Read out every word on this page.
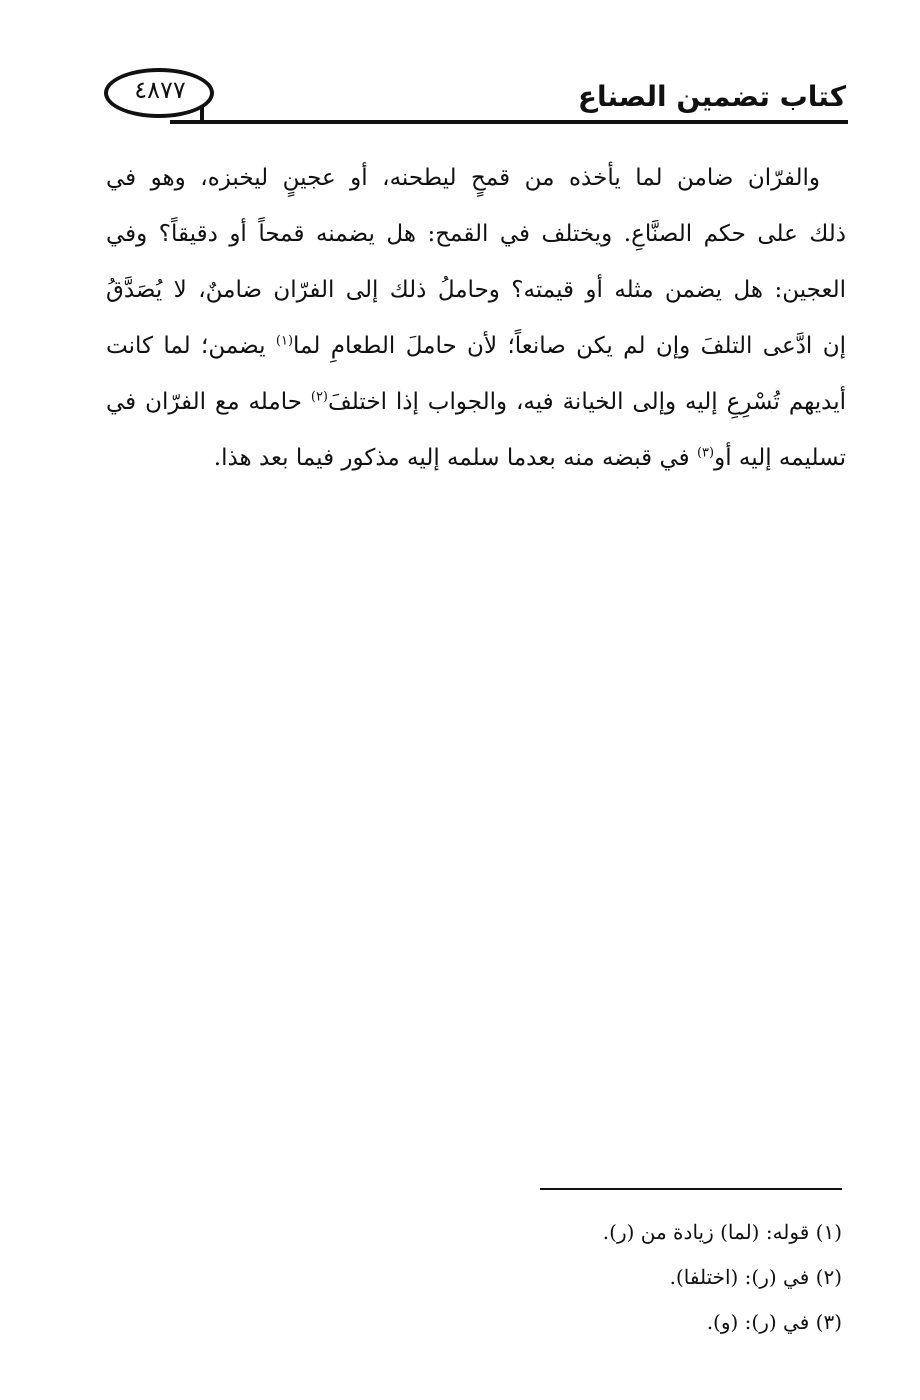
٤٨٧٧	كتاب تضمين الصناع
والفرّان ضامن لما يأخذه من قمحٍ ليطحنه، أو عجينٍ ليخبزه، وهو في
ذلك على حكم الصنَّاعِ. ويختلف في القمح: هل يضمنه قمحاً أو دقيقاً؟ وفي
العجين: هل يضمن مثله أو قيمته؟ وحاملُ ذلك إلى الفرّان ضامنٌ، لا يُصَدَّقُ
إن ادَّعى التلفَ وإن لم يكن صانعاً؛ لأن حاملَ الطعامِ لما$^{(١)}$ يضمن؛ لما كانت
أيديهم تُسْرِعِ إليه وإلى الخيانة فيه، والجواب إذا اختلفَ$^{(٢)}$ حامله مع الفرّان في
تسليمه إليه أو$^{(٣)}$ في قبضه منه بعدما سلمه إليه مذكور فيما بعد هذا.
(١) قوله: (لما) زيادة من (ر).
(٢) في (ر): (اختلفا).
(٣) في (ر): (و).
